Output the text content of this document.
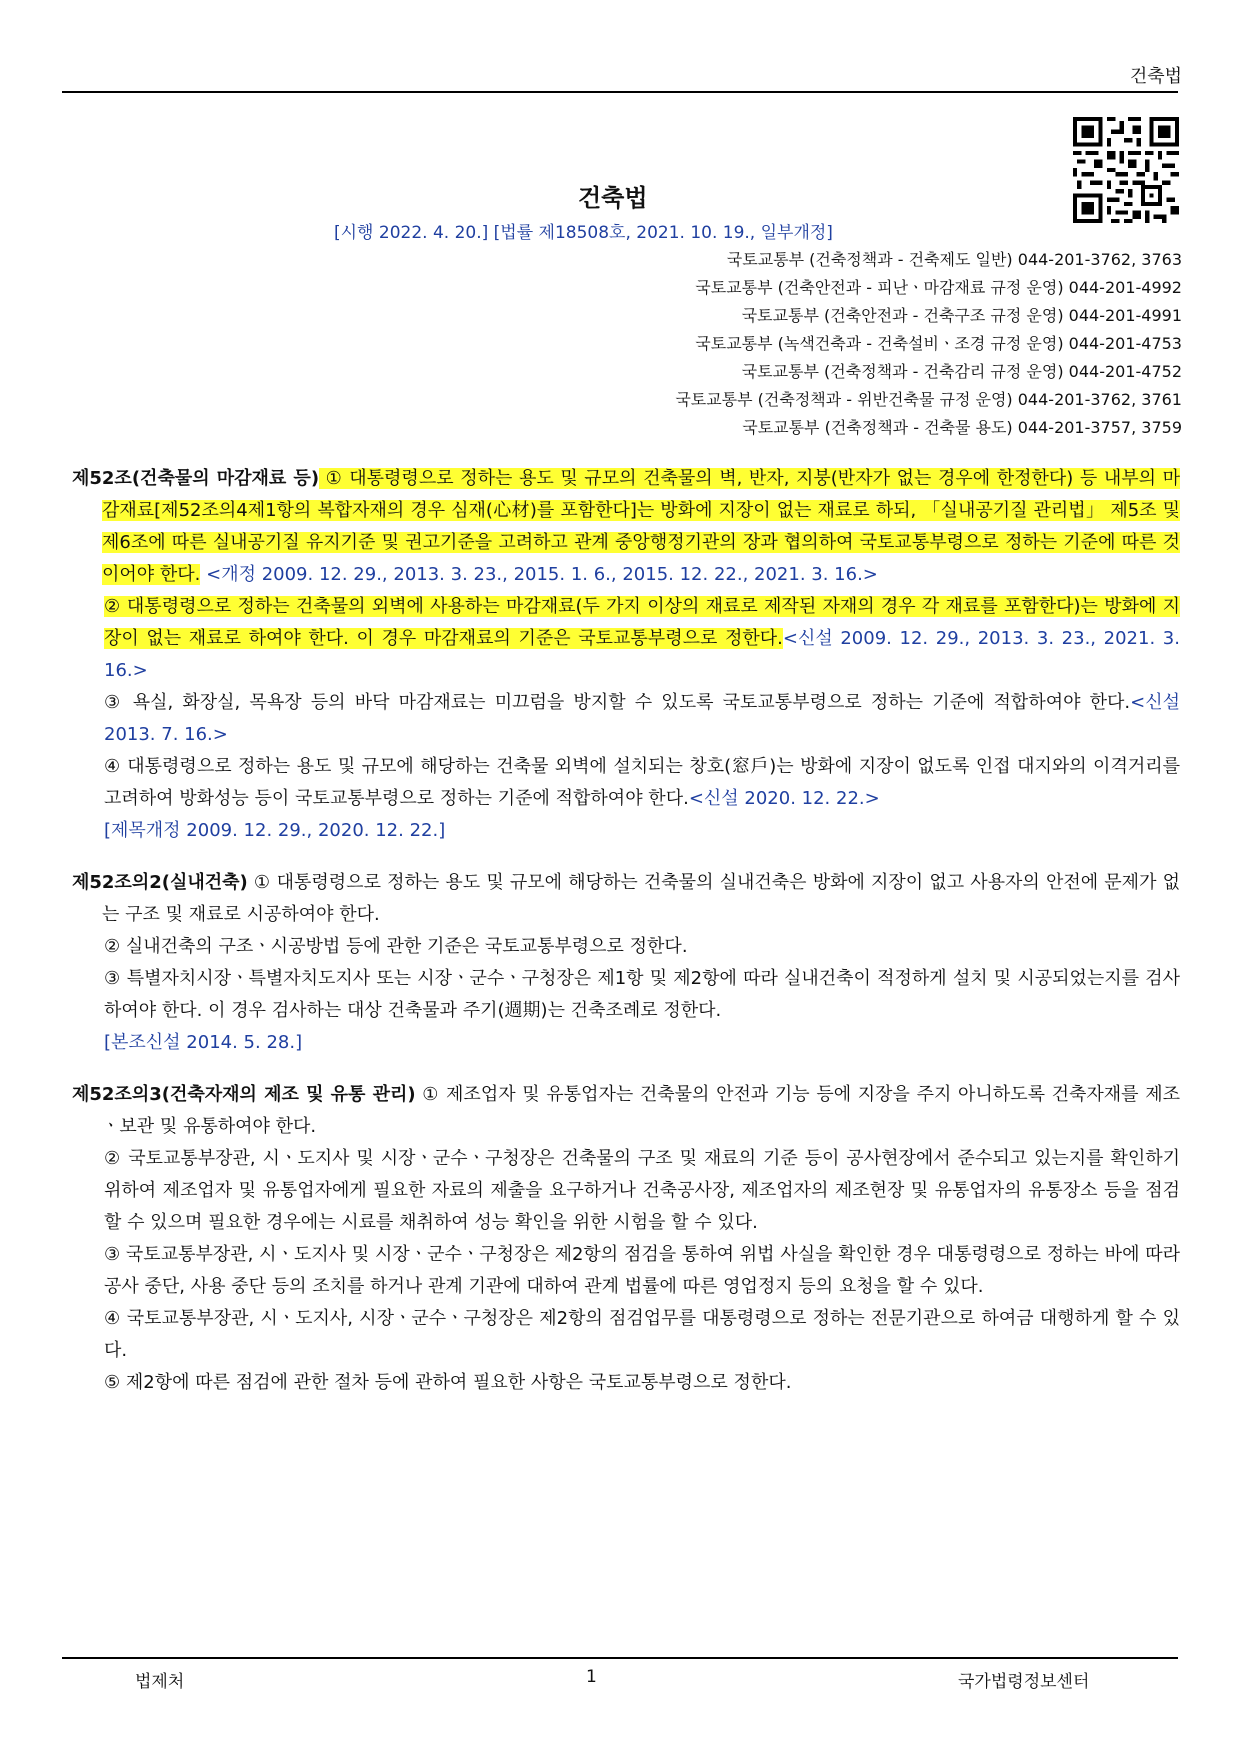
건축법
건축법
[시행 2022. 4. 20.] [법률 제18508호, 2021. 10. 19., 일부개정]
국토교통부 (건축정책과 - 건축제도 일반) 044-201-3762, 3763
국토교통부 (건축안전과 - 피난ㆍ마감재료 규정 운영) 044-201-4992
국토교통부 (건축안전과 - 건축구조 규정 운영) 044-201-4991
국토교통부 (녹색건축과 - 건축설비ㆍ조경 규정 운영) 044-201-4753
국토교통부 (건축정책과 - 건축감리 규정 운영) 044-201-4752
국토교통부 (건축정책과 - 위반건축물 규정 운영) 044-201-3762, 3761
국토교통부 (건축정책과 - 건축물 용도) 044-201-3757, 3759
제52조(건축물의 마감재료 등) ① 대통령령으로 정하는 용도 및 규모의 건축물의 벽, 반자, 지붕(반자가 없는 경우에 한정한다) 등 내부의 마감재료[제52조의4제1항의 복합자재의 경우 심재(心材)를 포함한다]는 방화에 지장이 없는 재료로 하되, 「실내공기질 관리법」 제5조 및 제6조에 따른 실내공기질 유지기준 및 권고기준을 고려하고 관계 중앙행정기관의 장과 협의하여 국토교통부령으로 정하는 기준에 따른 것이어야 한다. <개정 2009. 12. 29., 2013. 3. 23., 2015. 1. 6., 2015. 12. 22., 2021. 3. 16.>
② 대통령령으로 정하는 건축물의 외벽에 사용하는 마감재료(두 가지 이상의 재료로 제작된 자재의 경우 각 재료를 포함한다)는 방화에 지장이 없는 재료로 하여야 한다. 이 경우 마감재료의 기준은 국토교통부령으로 정한다.<신설 2009. 12. 29., 2013. 3. 23., 2021. 3. 16.>
③ 욕실, 화장실, 목욕장 등의 바닥 마감재료는 미끄럼을 방지할 수 있도록 국토교통부령으로 정하는 기준에 적합하여야 한다.<신설 2013. 7. 16.>
④ 대통령령으로 정하는 용도 및 규모에 해당하는 건축물 외벽에 설치되는 창호(窓戶)는 방화에 지장이 없도록 인접 대지와의 이격거리를 고려하여 방화성능 등이 국토교통부령으로 정하는 기준에 적합하여야 한다.<신설 2020. 12. 22.>
[제목개정 2009. 12. 29., 2020. 12. 22.]
제52조의2(실내건축) ① 대통령령으로 정하는 용도 및 규모에 해당하는 건축물의 실내건축은 방화에 지장이 없고 사용자의 안전에 문제가 없는 구조 및 재료로 시공하여야 한다.
② 실내건축의 구조ㆍ시공방법 등에 관한 기준은 국토교통부령으로 정한다.
③ 특별자치시장ㆍ특별자치도지사 또는 시장ㆍ군수ㆍ구청장은 제1항 및 제2항에 따라 실내건축이 적정하게 설치 및 시공되었는지를 검사하여야 한다. 이 경우 검사하는 대상 건축물과 주기(週期)는 건축조례로 정한다.
[본조신설 2014. 5. 28.]
제52조의3(건축자재의 제조 및 유통 관리) ① 제조업자 및 유통업자는 건축물의 안전과 기능 등에 지장을 주지 아니하도록 건축자재를 제조ㆍ보관 및 유통하여야 한다.
② 국토교통부장관, 시ㆍ도지사 및 시장ㆍ군수ㆍ구청장은 건축물의 구조 및 재료의 기준 등이 공사현장에서 준수되고 있는지를 확인하기 위하여 제조업자 및 유통업자에게 필요한 자료의 제출을 요구하거나 건축공사장, 제조업자의 제조현장 및 유통업자의 유통장소 등을 점검할 수 있으며 필요한 경우에는 시료를 채취하여 성능 확인을 위한 시험을 할 수 있다.
③ 국토교통부장관, 시ㆍ도지사 및 시장ㆍ군수ㆍ구청장은 제2항의 점검을 통하여 위법 사실을 확인한 경우 대통령령으로 정하는 바에 따라 공사 중단, 사용 중단 등의 조치를 하거나 관계 기관에 대하여 관계 법률에 따른 영업정지 등의 요청을 할 수 있다.
④ 국토교통부장관, 시ㆍ도지사, 시장ㆍ군수ㆍ구청장은 제2항의 점검업무를 대통령령으로 정하는 전문기관으로 하여금 대행하게 할 수 있다.
⑤ 제2항에 따른 점검에 관한 절차 등에 관하여 필요한 사항은 국토교통부령으로 정한다.
법제처	1	국가법령정보센터
